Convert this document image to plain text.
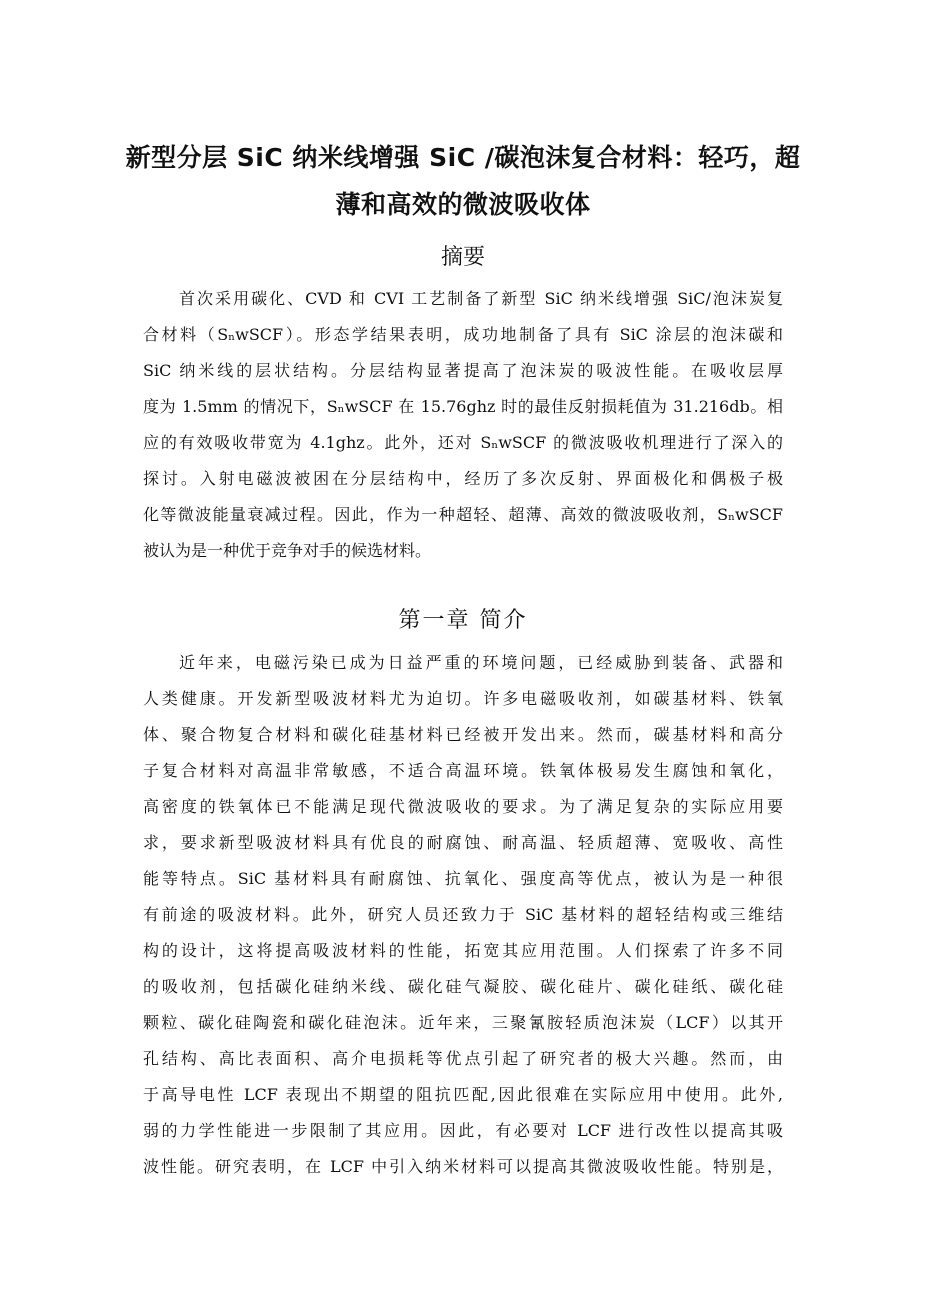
新型分层 SiC 纳米线增强 SiC /碳泡沫复合材料：轻巧，超
薄和高效的微波吸收体
摘要
首次采用碳化、CVD 和 CVI 工艺制备了新型 SiC 纳米线增强 SiC/泡沫炭复
合材料（SₙwSCF）。形态学结果表明，成功地制备了具有 SiC 涂层的泡沫碳和
SiC 纳米线的层状结构。分层结构显著提高了泡沫炭的吸波性能。在吸收层厚
度为 1.5mm 的情况下，SₙwSCF 在 15.76ghz 时的最佳反射损耗值为 31.216db。相
应的有效吸收带宽为 4.1ghz。此外，还对 SₙwSCF 的微波吸收机理进行了深入的
探讨。入射电磁波被困在分层结构中，经历了多次反射、界面极化和偶极子极
化等微波能量衰减过程。因此，作为一种超轻、超薄、高效的微波吸收剂，SₙwSCF
被认为是一种优于竞争对手的候选材料。
第一章 简介
近年来，电磁污染已成为日益严重的环境问题，已经威胁到装备、武器和
人类健康。开发新型吸波材料尤为迫切。许多电磁吸收剂，如碳基材料、铁氧
体、聚合物复合材料和碳化硅基材料已经被开发出来。然而，碳基材料和高分
子复合材料对高温非常敏感，不适合高温环境。铁氧体极易发生腐蚀和氧化，
高密度的铁氧体已不能满足现代微波吸收的要求。为了满足复杂的实际应用要
求，要求新型吸波材料具有优良的耐腐蚀、耐高温、轻质超薄、宽吸收、高性
能等特点。SiC 基材料具有耐腐蚀、抗氧化、强度高等优点，被认为是一种很
有前途的吸波材料。此外，研究人员还致力于 SiC 基材料的超轻结构或三维结
构的设计，这将提高吸波材料的性能，拓宽其应用范围。人们探索了许多不同
的吸收剂，包括碳化硅纳米线、碳化硅气凝胶、碳化硅片、碳化硅纸、碳化硅
颗粒、碳化硅陶瓷和碳化硅泡沫。近年来，三聚氰胺轻质泡沫炭（LCF）以其开
孔结构、高比表面积、高介电损耗等优点引起了研究者的极大兴趣。然而，由
于高导电性 LCF 表现出不期望的阻抗匹配,因此很难在实际应用中使用。此外,
弱的力学性能进一步限制了其应用。因此，有必要对 LCF 进行改性以提高其吸
波性能。研究表明，在 LCF 中引入纳米材料可以提高其微波吸收性能。特别是，
